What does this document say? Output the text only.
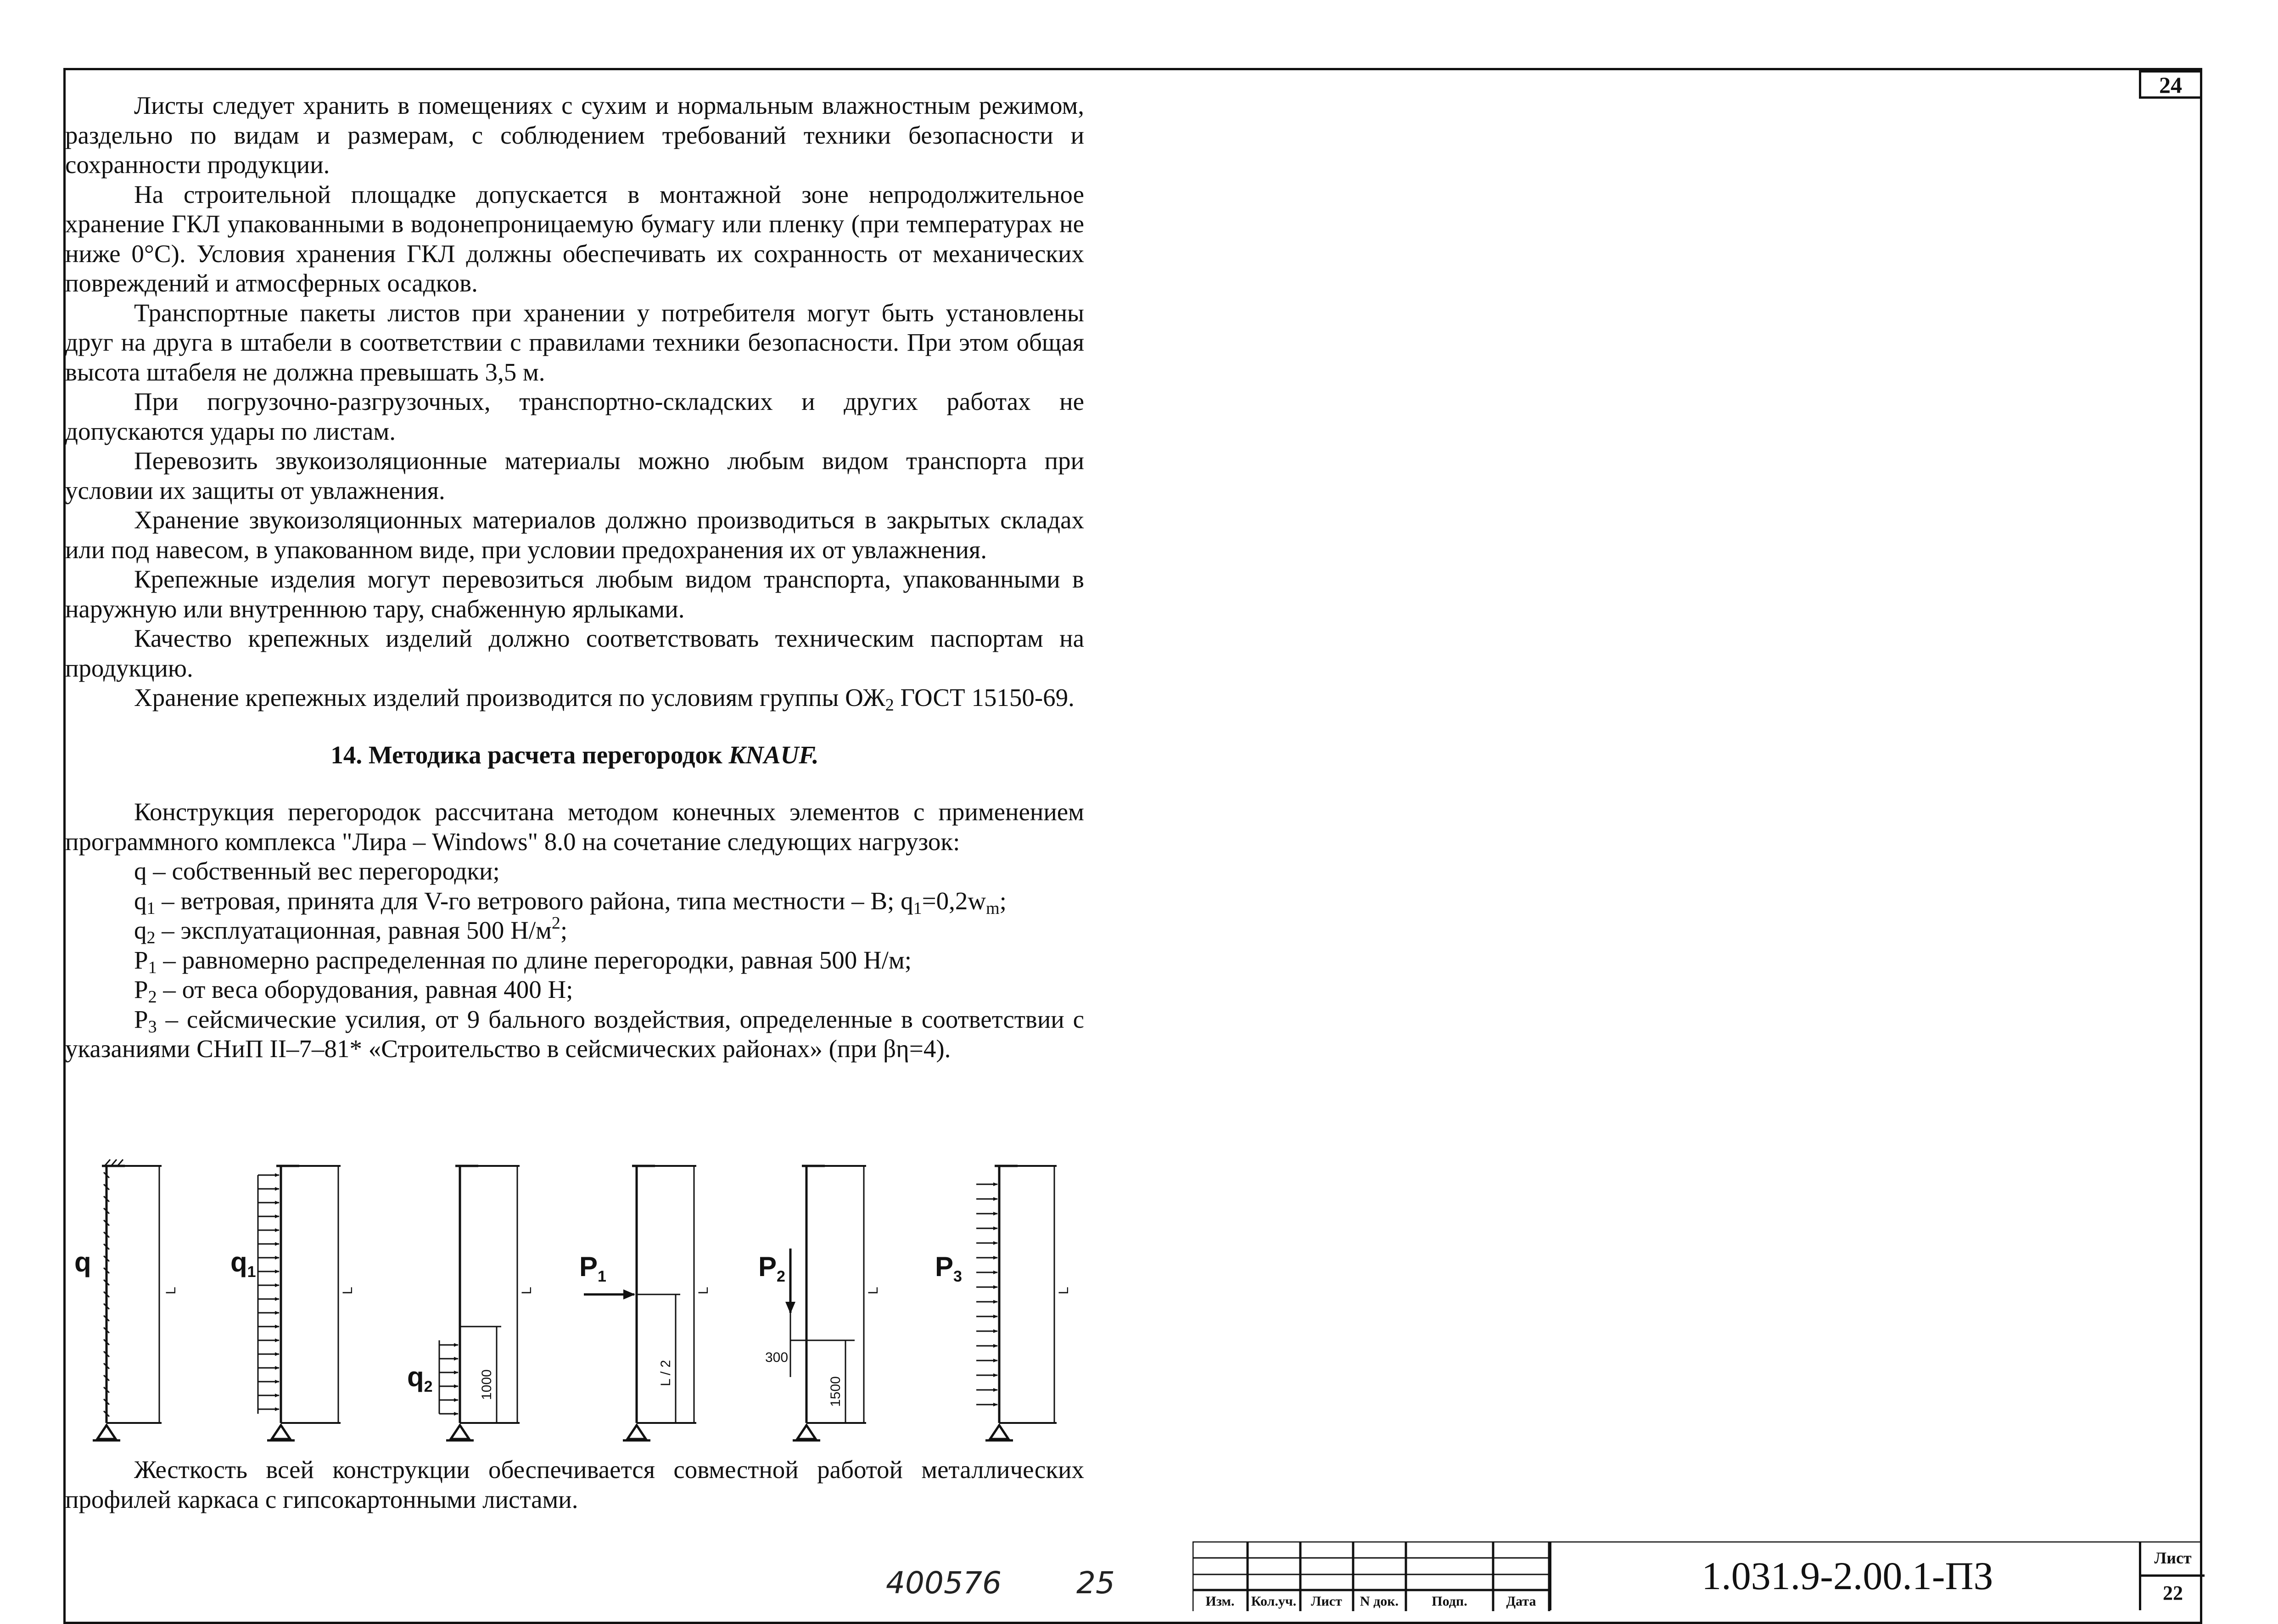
24

Листы следует хранить в помещениях с сухим и нормальным влажностным режимом, раздельно по видам и размерам, с соблюдением требований техники безопасности и сохранности продукции.

На строительной площадке допускается в монтажной зоне непродолжительное хранение ГКЛ упакованными в водонепроницаемую бумагу или пленку (при температурах не ниже 0°С). Условия хранения ГКЛ должны обеспечивать их сохранность от механических повреждений и атмосферных осадков.

Транспортные пакеты листов при хранении у потребителя могут быть установлены друг на друга в штабели в соответствии с правилами техники безопасности. При этом общая высота штабеля не должна превышать 3,5 м.

При погрузочно-разгрузочных, транспортно-складских и других работах не допускаются удары по листам.

Перевозить звукоизоляционные материалы можно любым видом транспорта при условии их защиты от увлажнения.

Хранение звукоизоляционных материалов должно производиться в закрытых складах или под навесом, в упакованном виде, при условии предохранения их от увлажнения.

Крепежные изделия могут перевозиться любым видом транспорта, упакованными в наружную или внутреннюю тару, снабженную ярлыками.

Качество крепежных изделий должно соответствовать техническим паспортам на продукцию.

Хранение крепежных изделий производится по условиям группы $ОЖ_2$ ГОСТ 15150-69.

14. Методика расчета перегородок KNAUF.

Конструкция перегородок рассчитана методом конечных элементов с применением программного комплекса "Лира – Windows" 8.0 на сочетание следующих нагрузок:

q – собственный вес перегородки;

$q_1$ – ветровая, принята для V-го ветрового района, типа местности – В; $q_1=0,2w_m$;

$q_2$ – эксплуатационная, равная 500 $Н/м^2$;

$P_1$ – равномерно распределенная по длине перегородки, равная 500 Н/м;

$P_2$ – от веса оборудования, равная 400 Н;

$P_3$ – сейсмические усилия, от 9 бального воздействия, определенные в соответствии с указаниями СНиП II–7–81* «Строительство в сейсмических районах» (при βη=4).

q	$q_1$
$q_2$
$P_1$	$P_2$	$P_3$
L	L	L	L	L	L
L / 2
1000	1500
300

Жесткость всей конструкции обеспечивается совместной работой металлических профилей каркаса с гипсокартонными листами.

400576 25
Изм. Кол.уч. Лист N док. Подп.	Дата
1.031.9-2.00.1-ПЗ	Лист
22
